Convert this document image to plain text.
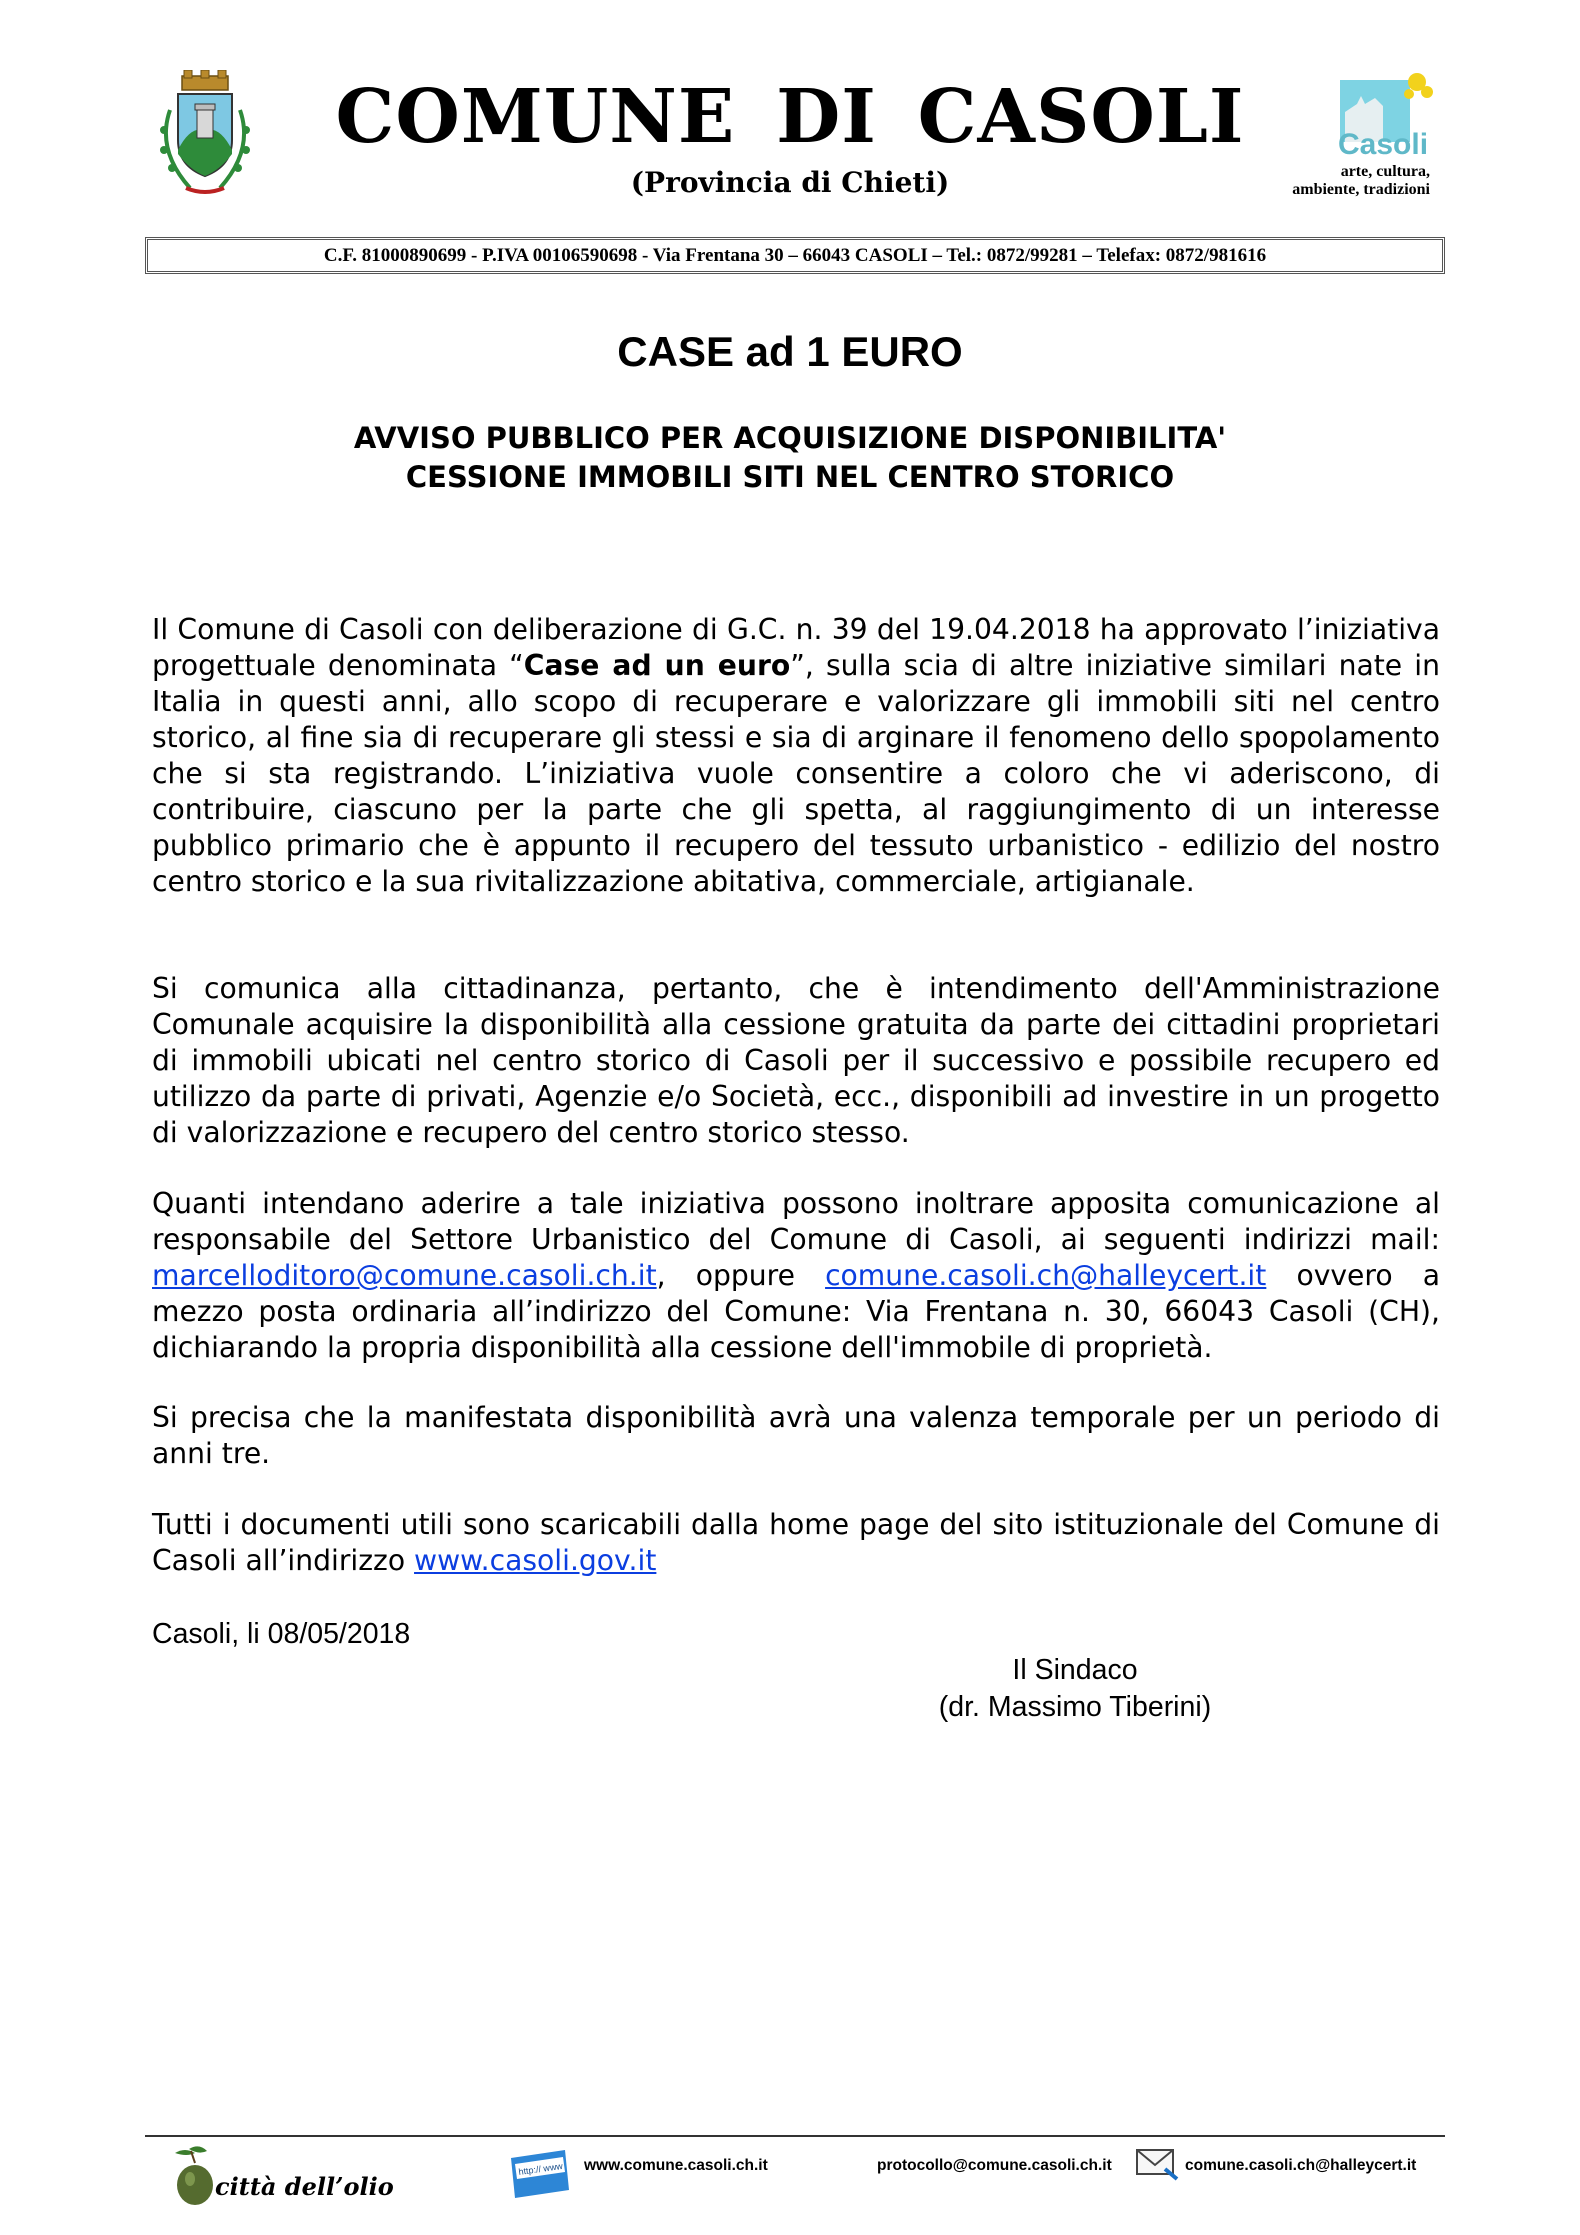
COMUNE DI CASOLI
(Provincia di Chieti)
Casoli
arte, cultura,
ambiente, tradizioni
C.F. 81000890699 - P.IVA 00106590698 - Via Frentana 30 – 66043 CASOLI – Tel.: 0872/99281 – Telefax: 0872/981616
CASE ad 1 EURO
AVVISO PUBBLICO PER ACQUISIZIONE DISPONIBILITA'
CESSIONE IMMOBILI SITI NEL CENTRO STORICO

Il Comune di Casoli con deliberazione di G.C. n. 39 del 19.04.2018 ha approvato l’iniziativa progettuale denominata “Case ad un euro”, sulla scia di altre iniziative similari nate in Italia in questi anni, allo scopo di recuperare e valorizzare gli immobili siti nel centro storico, al fine sia di recuperare gli stessi e sia di arginare il fenomeno dello spopolamento che si sta registrando. L’iniziativa vuole consentire a coloro che vi aderiscono, di contribuire, ciascuno per la parte che gli spetta, al raggiungimento di un interesse pubblico primario che è appunto il recupero del tessuto urbanistico - edilizio del nostro centro storico e la sua rivitalizzazione abitativa, commerciale, artigianale.

Si comunica alla cittadinanza, pertanto, che è intendimento dell'Amministrazione Comunale acquisire la disponibilità alla cessione gratuita da parte dei cittadini proprietari di immobili ubicati nel centro storico di Casoli per il successivo e possibile recupero ed utilizzo da parte di privati, Agenzie e/o Società, ecc., disponibili ad investire in un progetto di valorizzazione e recupero del centro storico stesso.

Quanti intendano aderire a tale iniziativa possono inoltrare apposita comunicazione al responsabile del Settore Urbanistico del Comune di Casoli, ai seguenti indirizzi mail: marcelloditoro@comune.casoli.ch.it, oppure comune.casoli.ch@halleycert.it ovvero a mezzo posta ordinaria all’indirizzo del Comune: Via Frentana n. 30, 66043 Casoli (CH), dichiarando la propria disponibilità alla cessione dell'immobile di proprietà.

Si precisa che la manifestata disponibilità avrà una valenza temporale per un periodo di anni tre.

Tutti i documenti utili sono scaricabili dalla home page del sito istituzionale del Comune di Casoli all’indirizzo www.casoli.gov.it

Casoli, li 08/05/2018
Il Sindaco
(dr. Massimo Tiberini)
città dell’olio
http:// www www.comune.casoli.ch.it	protocollo@comune.casoli.ch.it	comune.casoli.ch@halleycert.it
